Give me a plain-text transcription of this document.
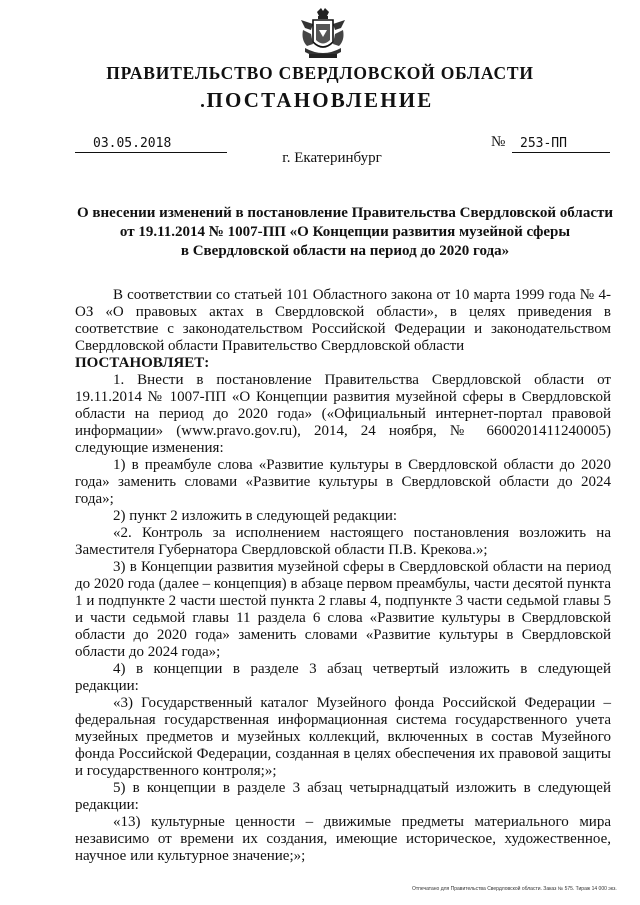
ПРАВИТЕЛЬСТВО СВЕРДЛОВСКОЙ ОБЛАСТИ
ПОСТАНОВЛЕНИЕ
03.05.2018	№	253-ПП
г. Екатеринбург
О внесении изменений в постановление Правительства Свердловской области
от 19.11.2014 № 1007-ПП «О Концепции развития музейной сферы
в Свердловской области на период до 2020 года»

В соответствии со статьей 101 Областного закона от 10 марта 1999 года № 4-ОЗ «О правовых актах в Свердловской области», в целях приведения в соответствие с законодательством Российской Федерации и законодательством Свердловской области Правительство Свердловской области

ПОСТАНОВЛЯЕТ:

1. Внести в постановление Правительства Свердловской области от 19.11.2014 № 1007-ПП «О Концепции развития музейной сферы в Свердловской области на период до 2020 года» («Официальный интернет-портал правовой информации» (www.pravo.gov.ru), 2014, 24 ноября, № 6600201411240005) следующие изменения:

1) в преамбуле слова «Развитие культуры в Свердловской области до 2020 года» заменить словами «Развитие культуры в Свердловской области до 2024 года»;

2) пункт 2 изложить в следующей редакции:

«2. Контроль за исполнением настоящего постановления возложить на Заместителя Губернатора Свердловской области П.В. Крекова.»;

3) в Концепции развития музейной сферы в Свердловской области на период до 2020 года (далее – концепция) в абзаце первом преамбулы, части десятой пункта 1 и подпункте 2 части шестой пункта 2 главы 4, подпункте 3 части седьмой главы 5 и части седьмой главы 11 раздела 6 слова «Развитие культуры в Свердловской области до 2020 года» заменить словами «Развитие культуры в Свердловской области до 2024 года»;

4) в концепции в разделе 3 абзац четвертый изложить в следующей редакции:

«3) Государственный каталог Музейного фонда Российской Федерации – федеральная государственная информационная система государственного учета музейных предметов и музейных коллекций, включенных в состав Музейного фонда Российской Федерации, созданная в целях обеспечения их правовой защиты и государственного контроля;»;

5) в концепции в разделе 3 абзац четырнадцатый изложить в следующей редакции:

«13) культурные ценности – движимые предметы материального мира независимо от времени их создания, имеющие историческое, художественное, научное или культурное значение;»;

Отпечатано для Правительства Свердловской области. Заказ № 575. Тираж 14 000 экз.
